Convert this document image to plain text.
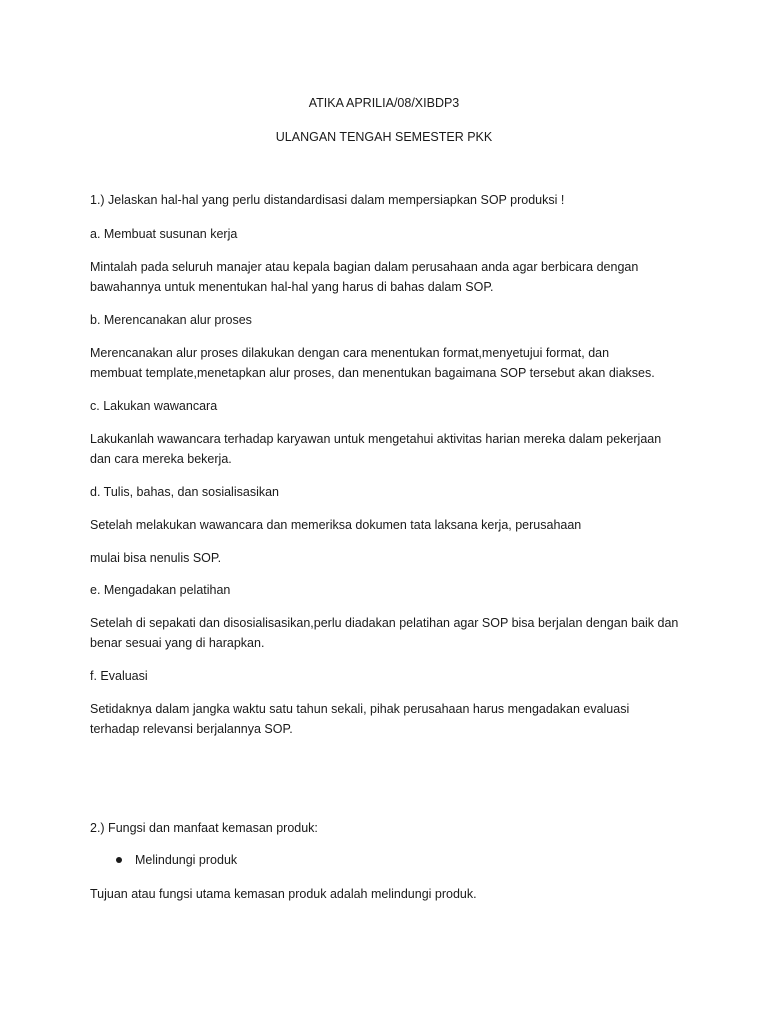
ATIKA APRILIA/08/XIBDP3
ULANGAN TENGAH SEMESTER PKK
1.) Jelaskan hal-hal yang perlu distandardisasi dalam mempersiapkan SOP produksi !
a. Membuat susunan kerja
Mintalah pada seluruh manajer atau kepala bagian dalam perusahaan anda agar berbicara dengan
bawahannya untuk menentukan hal-hal yang harus di bahas dalam SOP.
b. Merencanakan alur proses
Merencanakan alur proses dilakukan dengan cara menentukan format,menyetujui format, dan
membuat template,menetapkan alur proses, dan menentukan bagaimana SOP tersebut akan diakses.
c. Lakukan wawancara
Lakukanlah wawancara terhadap karyawan untuk mengetahui aktivitas harian mereka dalam pekerjaan
dan cara mereka bekerja.
d. Tulis, bahas, dan sosialisasikan
Setelah melakukan wawancara dan memeriksa dokumen tata laksana kerja, perusahaan
mulai bisa nenulis SOP.
e. Mengadakan pelatihan
Setelah di sepakati dan disosialisasikan,perlu diadakan pelatihan agar SOP bisa berjalan dengan baik dan
benar sesuai yang di harapkan.
f. Evaluasi
Setidaknya dalam jangka waktu satu tahun sekali, pihak perusahaan harus mengadakan evaluasi
terhadap relevansi berjalannya SOP.
2.) Fungsi dan manfaat kemasan produk:
Melindungi produk
Tujuan atau fungsi utama kemasan produk adalah melindungi produk.
